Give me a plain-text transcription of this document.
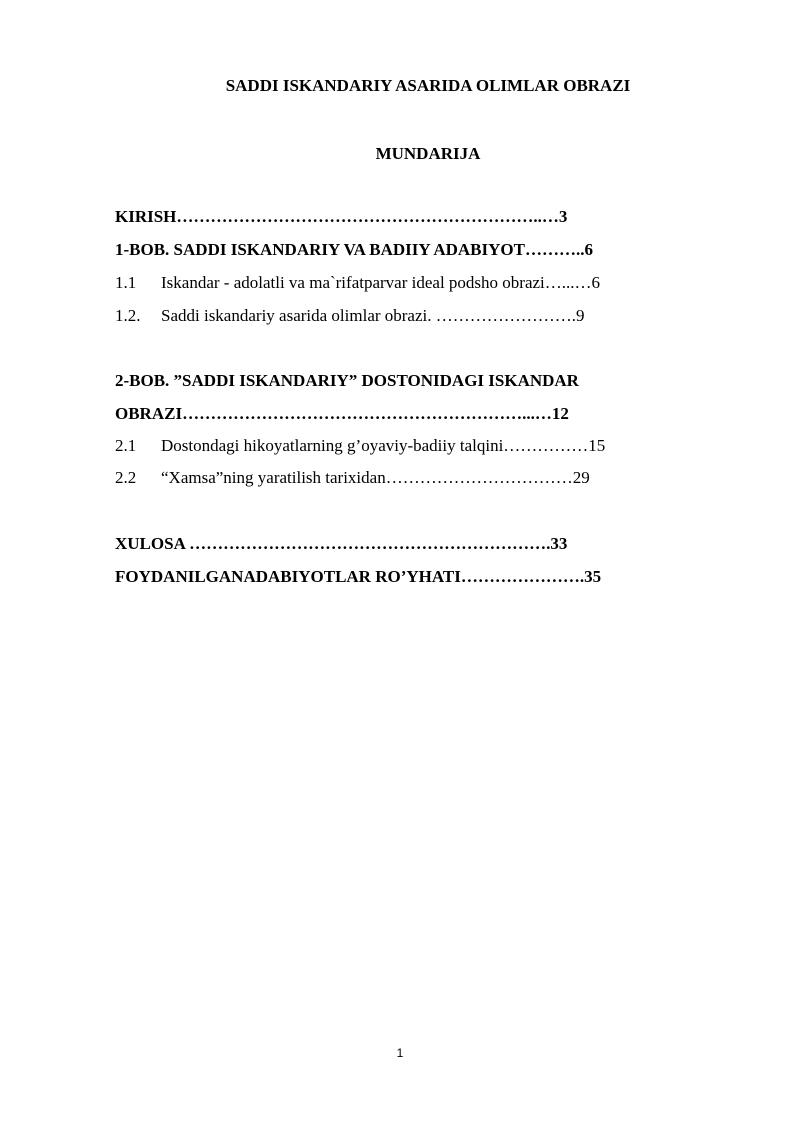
SADDI ISKANDARIY ASARIDA OLIMLAR OBRAZI
MUNDARIJA
KIRISH………………………………………………………..…3
1-BOB. SADDI ISKANDARIY VA BADIIY ADABIYOT………..6
1.1 Iskandar - adolatli va ma`rifatparvar ideal podsho obrazi…...…6
1.2. Saddi iskandariy asarida olimlar obrazi. …………………….9
2-BOB. ”SADDI ISKANDARIY” DOSTONIDAGI ISKANDAR
OBRAZI……………………………………………………...…12
2.1 Dostondagi hikoyatlarning g’oyaviy-badiiy talqini……………15
2.2 “Xamsa”ning yaratilish tarixidan……………………………29
XULOSA ……………………………………………………….33
FOYDANILGANADABIYOTLAR RO’YHATI………………….35
1
